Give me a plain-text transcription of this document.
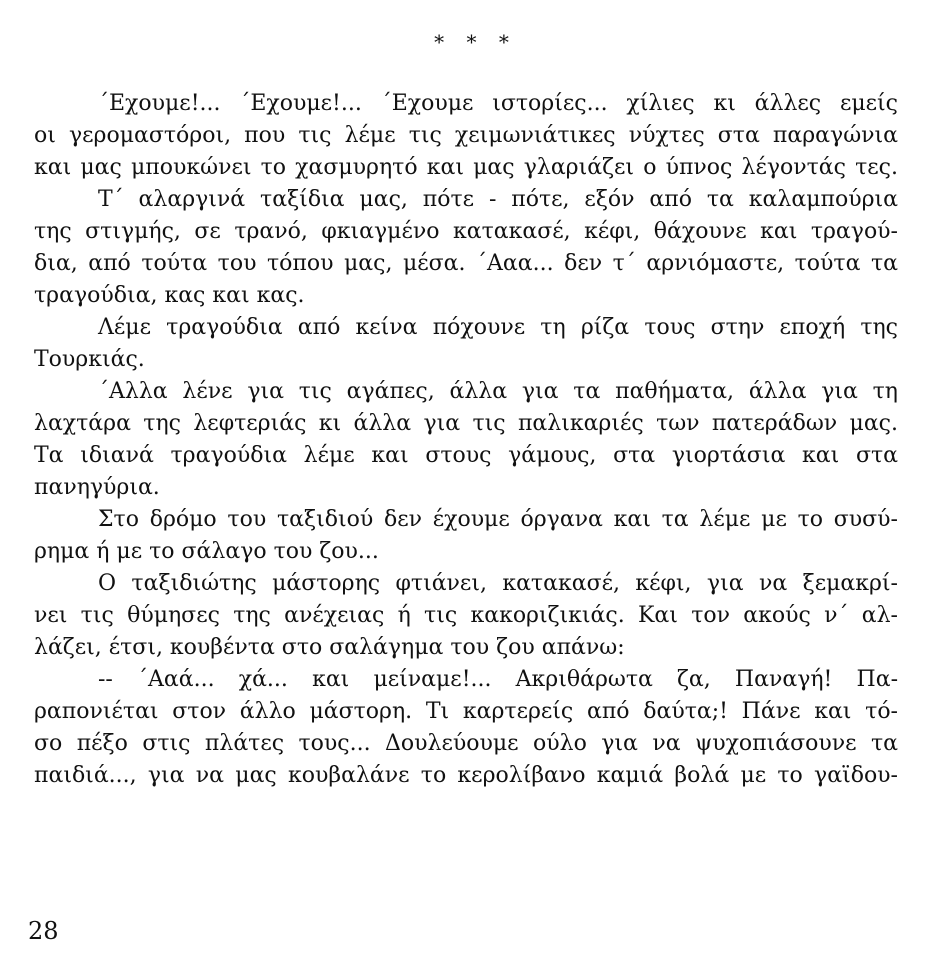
* * *
΄Εχουμε!... ΄Εχουμε!... ΄Εχουμε ιστορίες... χίλιες κι άλλες εμείς
οι γερομαστόροι, που τις λέμε τις χειμωνιάτικες νύχτες στα παραγώνια
και μας μπουκώνει το χασμυρητό και μας γλαριάζει ο ύπνος λέγοντάς τες.
Τ΄ αλαργινά ταξίδια μας, πότε - πότε, εξόν από τα καλαμπούρια
της στιγμής, σε τρανό, φκιαγμένο κατακασέ, κέφι, θάχουνε και τραγού-
δια, από τούτα του τόπου μας, μέσα. ΄Ααα... δεν τ΄ αρνιόμαστε, τούτα τα
τραγούδια, κας και κας.
Λέμε τραγούδια από κείνα πόχουνε τη ρίζα τους στην εποχή της
Τουρκιάς.
΄Αλλα λένε για τις αγάπες, άλλα για τα παθήματα, άλλα για τη
λαχτάρα της λεφτεριάς κι άλλα για τις παλικαριές των πατεράδων μας.
Τα ιδιανά τραγούδια λέμε και στους γάμους, στα γιορτάσια και στα
πανηγύρια.
Στο δρόμο του ταξιδιού δεν έχουμε όργανα και τα λέμε με το συσύ-
ρημα ή με το σάλαγο του ζου...
Ο ταξιδιώτης μάστορης φτιάνει, κατακασέ, κέφι, για να ξεμακρί-
νει τις θύμησες της ανέχειας ή τις κακοριζικιάς. Και τον ακούς ν΄ αλ-
λάζει, έτσι, κουβέντα στο σαλάγημα του ζου απάνω:
-- ΄Ααά... χά... και μείναμε!... Ακριθάρωτα ζα, Παναγή! Πα-
ραπονιέται στον άλλο μάστορη. Τι καρτερείς από δαύτα;! Πάνε και τό-
σο πέξο στις πλάτες τους... Δουλεύουμε ούλο για να ψυχοπιάσουνε τα
παιδιά..., για να μας κουβαλάνε το κερολίβανο καμιά βολά με το γαϊδου-
28
